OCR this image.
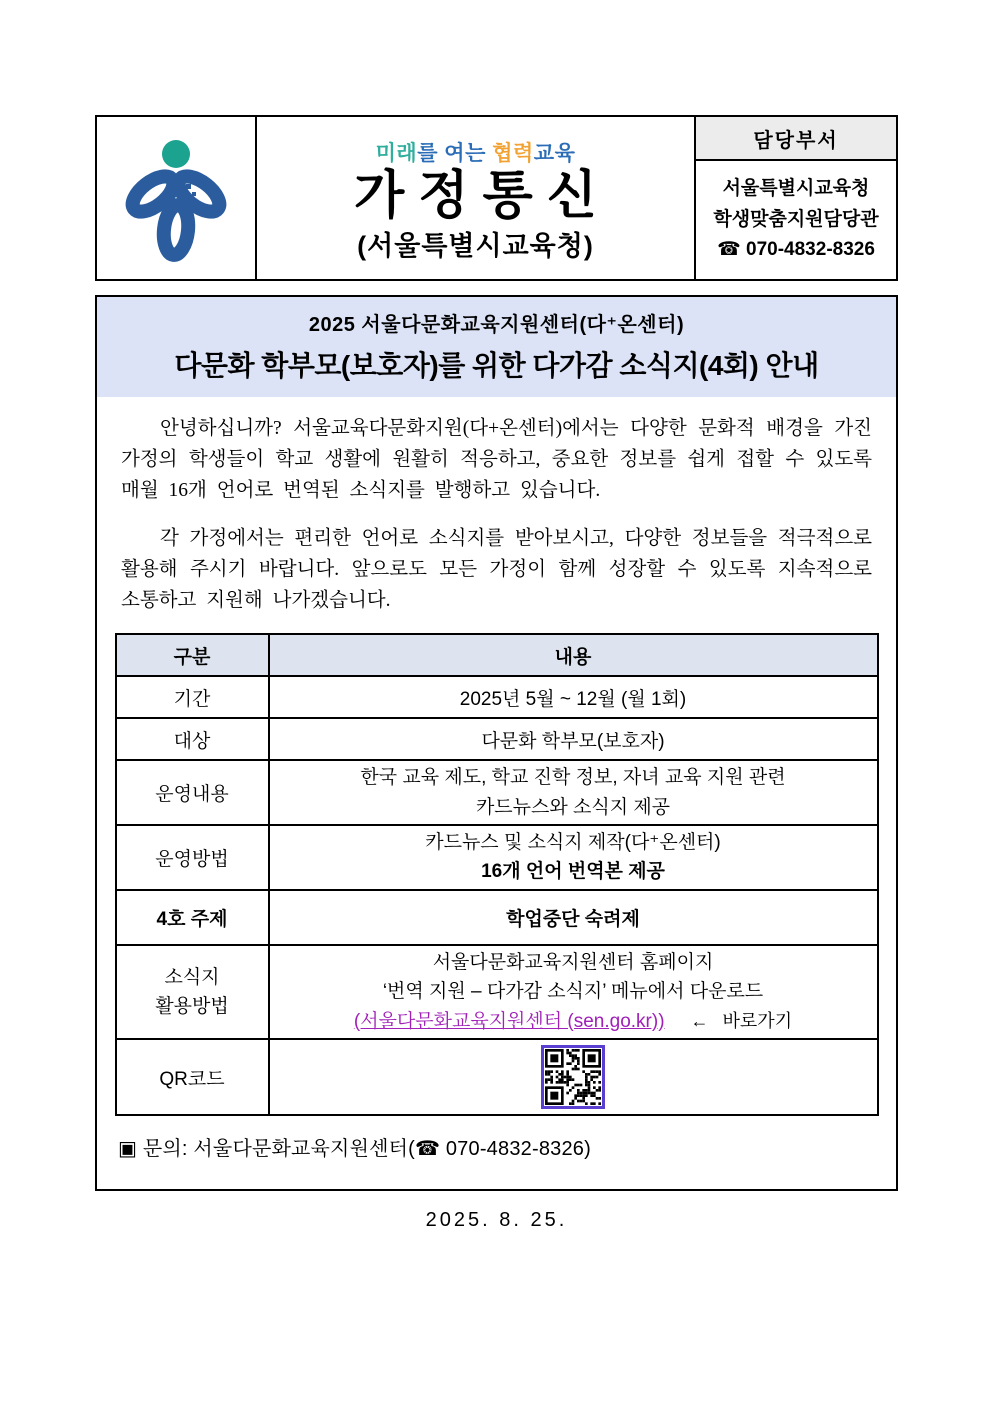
미래를 여는 협력교육
가정통신
(서울특별시교육청)
담당부서
서울특별시교육청
학생맞춤지원담당관
☎ 070-4832-8326
2025 서울다문화교육지원센터(다⁺온센터)
다문화 학부모(보호자)를 위한 다가감 소식지(4회) 안내

안녕하십니까? 서울교육다문화지원(다+온센터)에서는 다양한 문화적 배경을 가진 가정의 학생들이 학교 생활에 원활히 적응하고, 중요한 정보를 쉽게 접할 수 있도록 매월 16개 언어로 번역된 소식지를 발행하고 있습니다.

각 가정에서는 편리한 언어로 소식지를 받아보시고, 다양한 정보들을 적극적으로 활용해 주시기 바랍니다. 앞으로도 모든 가정이 함께 성장할 수 있도록 지속적으로 소통하고 지원해 나가겠습니다.

구분	내용
기간	2025년 5월 ~ 12월 (월 1회)
대상	다문화 학부모(보호자)
운영내용	한국 교육 제도, 학교 진학 정보, 자녀 교육 지원 관련
카드뉴스와 소식지 제공

운영방법	카드뉴스 및 소식지 제작(다⁺온센터)
16개 언어 번역본 제공

4호 주제	학업중단 숙려제

소식지
활용방법	서울다문화교육지원센터 홈페이지
‘번역 지원 – 다가감 소식지’ 메뉴에서 다운로드
(서울다문화교육지원센터 (sen.go.kr)) ← 바로가기

QR코드	
▣ 문의: 서울다문화교육지원센터(☎ 070-4832-8326)
2025. 8. 25.
